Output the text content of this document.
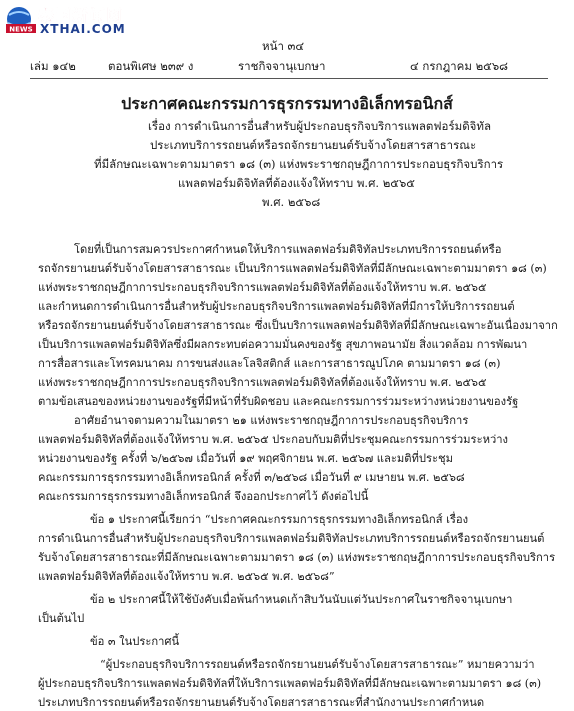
NEWS
泰国新闻网
XTHAI.COM
หน้า ๓๔
เล่ม ๑๔๒	ตอนพิเศษ ๒๓๙ ง	ราชกิจจานุเบกษา	๔ กรกฎาคม ๒๕๖๘
ประกาศคณะกรรมการธุรกรรมทางอิเล็กทรอนิกส์
เรื่อง การดำเนินการอื่นสำหรับผู้ประกอบธุรกิจบริการแพลตฟอร์มดิจิทัล
ประเภทบริการรถยนต์หรือรถจักรยานยนต์รับจ้างโดยสารสาธารณะ
ที่มีลักษณะเฉพาะตามมาตรา ๑๘ (๓) แห่งพระราชกฤษฎีกาการประกอบธุรกิจบริการ
แพลตฟอร์มดิจิทัลที่ต้องแจ้งให้ทราบ พ.ศ. ๒๕๖๕
พ.ศ. ๒๕๖๘
โดยที่เป็นการสมควรประกาศกำหนดให้บริการแพลตฟอร์มดิจิทัลประเภทบริการรถยนต์หรือ
รถจักรยานยนต์รับจ้างโดยสารสาธารณะ เป็นบริการแพลตฟอร์มดิจิทัลที่มีลักษณะเฉพาะตามมาตรา ๑๘ (๓)
แห่งพระราชกฤษฎีกาการประกอบธุรกิจบริการแพลตฟอร์มดิจิทัลที่ต้องแจ้งให้ทราบ พ.ศ. ๒๕๖๕
และกำหนดการดำเนินการอื่นสำหรับผู้ประกอบธุรกิจบริการแพลตฟอร์มดิจิทัลที่มีการให้บริการรถยนต์
หรือรถจักรยานยนต์รับจ้างโดยสารสาธารณะ ซึ่งเป็นบริการแพลตฟอร์มดิจิทัลที่มีลักษณะเฉพาะอันเนื่องมาจาก
เป็นบริการแพลตฟอร์มดิจิทัลซึ่งมีผลกระทบต่อความมั่นคงของรัฐ สุขภาพอนามัย สิ่งแวดล้อม การพัฒนา
การสื่อสารและโทรคมนาคม การขนส่งและโลจิสติกส์ และการสาธารณูปโภค ตามมาตรา ๑๘ (๓)
แห่งพระราชกฤษฎีกาการประกอบธุรกิจบริการแพลตฟอร์มดิจิทัลที่ต้องแจ้งให้ทราบ พ.ศ. ๒๕๖๕
ตามข้อเสนอของหน่วยงานของรัฐที่มีหน้าที่รับผิดชอบ และคณะกรรมการร่วมระหว่างหน่วยงานของรัฐ
อาศัยอำนาจตามความในมาตรา ๒๑ แห่งพระราชกฤษฎีกาการประกอบธุรกิจบริการ
แพลตฟอร์มดิจิทัลที่ต้องแจ้งให้ทราบ พ.ศ. ๒๕๖๕ ประกอบกับมติที่ประชุมคณะกรรมการร่วมระหว่าง
หน่วยงานของรัฐ ครั้งที่ ๖/๒๕๖๗ เมื่อวันที่ ๑๙ พฤศจิกายน พ.ศ. ๒๕๖๗ และมติที่ประชุม
คณะกรรมการธุรกรรมทางอิเล็กทรอนิกส์ ครั้งที่ ๓/๒๕๖๘ เมื่อวันที่ ๙ เมษายน พ.ศ. ๒๕๖๘
คณะกรรมการธุรกรรมทางอิเล็กทรอนิกส์ จึงออกประกาศไว้ ดังต่อไปนี้
ข้อ ๑ ประกาศนี้เรียกว่า “ประกาศคณะกรรมการธุรกรรมทางอิเล็กทรอนิกส์ เรื่อง
การดำเนินการอื่นสำหรับผู้ประกอบธุรกิจบริการแพลตฟอร์มดิจิทัลประเภทบริการรถยนต์หรือรถจักรยานยนต์
รับจ้างโดยสารสาธารณะที่มีลักษณะเฉพาะตามมาตรา ๑๘ (๓) แห่งพระราชกฤษฎีกาการประกอบธุรกิจบริการ
แพลตฟอร์มดิจิทัลที่ต้องแจ้งให้ทราบ พ.ศ. ๒๕๖๕ พ.ศ. ๒๕๖๘”
ข้อ ๒ ประกาศนี้ให้ใช้บังคับเมื่อพ้นกำหนดเก้าสิบวันนับแต่วันประกาศในราชกิจจานุเบกษา
เป็นต้นไป
ข้อ ๓ ในประกาศนี้
“ผู้ประกอบธุรกิจบริการรถยนต์หรือรถจักรยานยนต์รับจ้างโดยสารสาธารณะ” หมายความว่า
ผู้ประกอบธุรกิจบริการแพลตฟอร์มดิจิทัลที่ให้บริการแพลตฟอร์มดิจิทัลที่มีลักษณะเฉพาะตามมาตรา ๑๘ (๓)
ประเภทบริการรถยนต์หรือรถจักรยานยนต์รับจ้างโดยสารสาธารณะที่สำนักงานประกาศกำหนด
